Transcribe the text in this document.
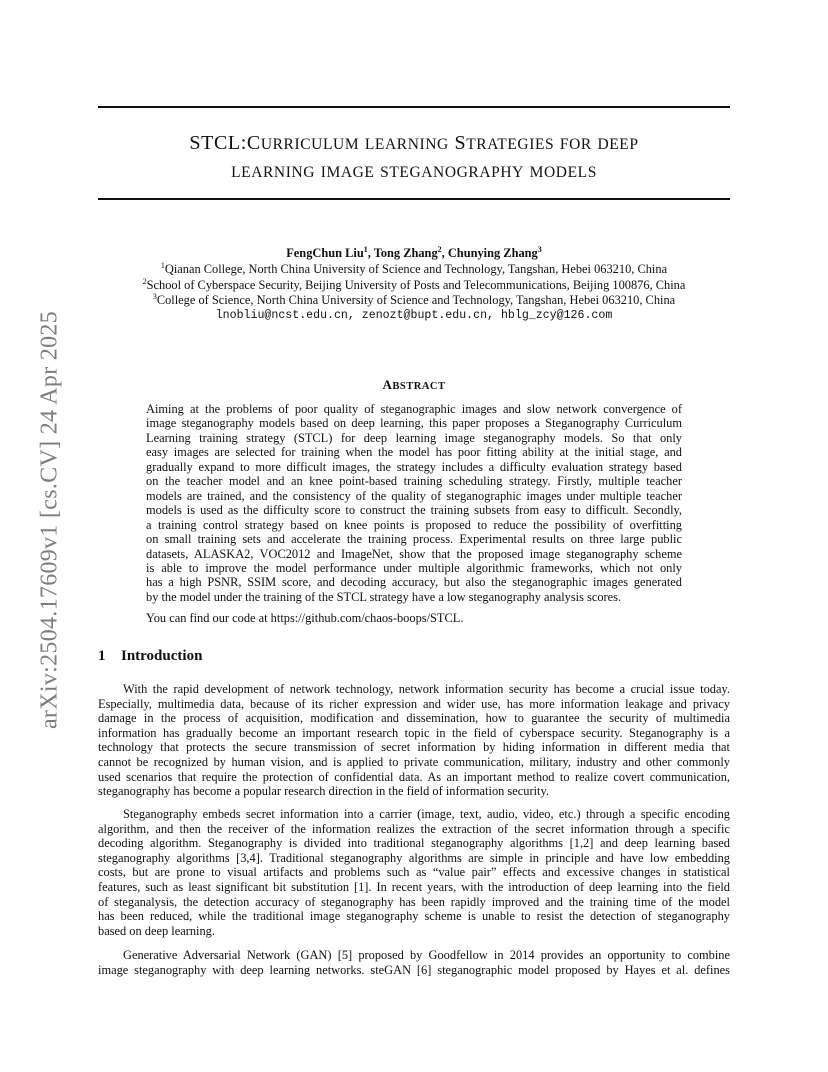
arXiv:2504.17609v1 [cs.CV] 24 Apr 2025
STCL:CURRICULUM LEARNING STRATEGIES FOR DEEP
LEARNING IMAGE STEGANOGRAPHY MODELS
FengChun Liu$^1$, Tong Zhang$^2$, Chunying Zhang$^3$
$^1$Qianan College, North China University of Science and Technology, Tangshan, Hebei 063210, China
$^2$School of Cyberspace Security, Beijing University of Posts and Telecommunications, Beijing 100876, China
$^3$College of Science, North China University of Science and Technology, Tangshan, Hebei 063210, China
lnobliu@ncst.edu.cn, zenozt@bupt.edu.cn, hblg_zcy@126.com
ABSTRACT
Aiming at the problems of poor quality of steganographic images and slow network convergence of
image steganography models based on deep learning, this paper proposes a Steganography Curriculum
Learning training strategy (STCL) for deep learning image steganography models. So that only
easy images are selected for training when the model has poor fitting ability at the initial stage, and
gradually expand to more difficult images, the strategy includes a difficulty evaluation strategy based
on the teacher model and an knee point-based training scheduling strategy. Firstly, multiple teacher
models are trained, and the consistency of the quality of steganographic images under multiple teacher
models is used as the difficulty score to construct the training subsets from easy to difficult. Secondly,
a training control strategy based on knee points is proposed to reduce the possibility of overfitting
on small training sets and accelerate the training process. Experimental results on three large public
datasets, ALASKA2, VOC2012 and ImageNet, show that the proposed image steganography scheme
is able to improve the model performance under multiple algorithmic frameworks, which not only
has a high PSNR, SSIM score, and decoding accuracy, but also the steganographic images generated
by the model under the training of the STCL strategy have a low steganography analysis scores.
You can find our code at https://github.com/chaos-boops/STCL.
1 Introduction
With the rapid development of network technology, network information security has become a crucial issue today.
Especially, multimedia data, because of its richer expression and wider use, has more information leakage and privacy
damage in the process of acquisition, modification and dissemination, how to guarantee the security of multimedia
information has gradually become an important research topic in the field of cyberspace security. Steganography is a
technology that protects the secure transmission of secret information by hiding information in different media that
cannot be recognized by human vision, and is applied to private communication, military, industry and other commonly
used scenarios that require the protection of confidential data. As an important method to realize covert communication,
steganography has become a popular research direction in the field of information security.
Steganography embeds secret information into a carrier (image, text, audio, video, etc.) through a specific encoding
algorithm, and then the receiver of the information realizes the extraction of the secret information through a specific
decoding algorithm. Steganography is divided into traditional steganography algorithms [1,2] and deep learning based
steganography algorithms [3,4]. Traditional steganography algorithms are simple in principle and have low embedding
costs, but are prone to visual artifacts and problems such as “value pair” effects and excessive changes in statistical
features, such as least significant bit substitution [1]. In recent years, with the introduction of deep learning into the field
of steganalysis, the detection accuracy of steganography has been rapidly improved and the training time of the model
has been reduced, while the traditional image steganography scheme is unable to resist the detection of steganography
based on deep learning.
Generative Adversarial Network (GAN) [5] proposed by Goodfellow in 2014 provides an opportunity to combine
image steganography with deep learning networks. steGAN [6] steganographic model proposed by Hayes et al. defines
